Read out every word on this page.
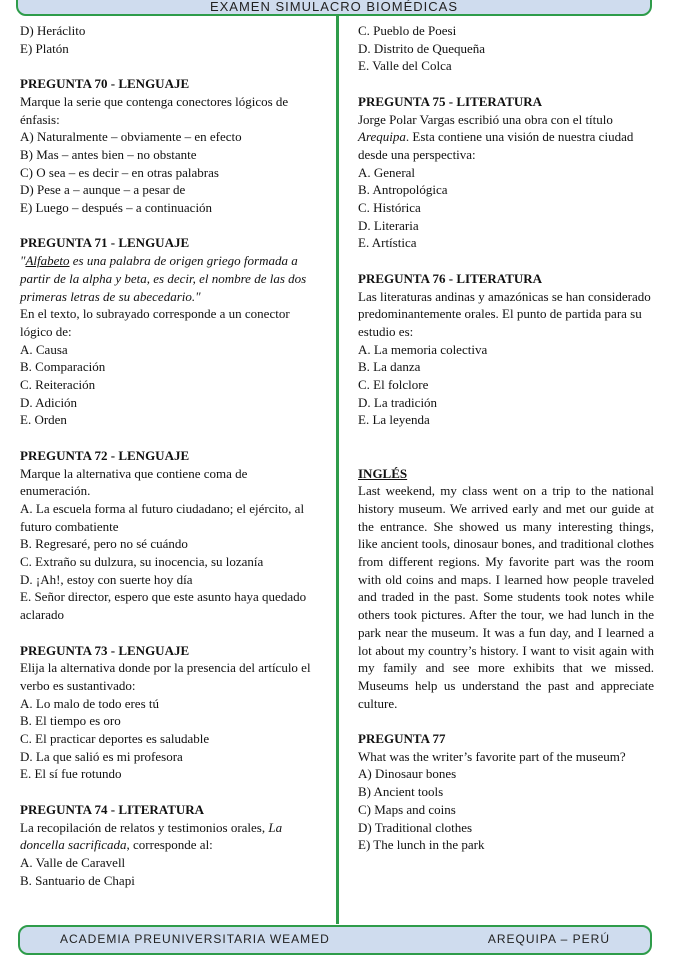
EXAMEN SIMULACRO BIOMÉDICAS

D) Heráclito

E) Platón

PREGUNTA 70 - LENGUAJE

Marque la serie que contenga conectores lógicos de énfasis:

A) Naturalmente – obviamente – en efecto

B) Mas – antes bien – no obstante

C) O sea – es decir – en otras palabras

D) Pese a – aunque – a pesar de

E) Luego – después – a continuación

PREGUNTA 71 - LENGUAJE

"Alfabeto es una palabra de origen griego formada a partir de la alpha y beta, es decir, el nombre de las dos primeras letras de su abecedario."

En el texto, lo subrayado corresponde a un conector lógico de:

A. Causa

B. Comparación

C. Reiteración

D. Adición

E. Orden

PREGUNTA 72 - LENGUAJE

Marque la alternativa que contiene coma de enumeración.

A. La escuela forma al futuro ciudadano; el ejército, al futuro combatiente

B. Regresaré, pero no sé cuándo

C. Extraño su dulzura, su inocencia, su lozanía

D. ¡Ah!, estoy con suerte hoy día

E. Señor director, espero que este asunto haya quedado aclarado

PREGUNTA 73 - LENGUAJE

Elija la alternativa donde por la presencia del artículo el verbo es sustantivado:

A. Lo malo de todo eres tú

B. El tiempo es oro

C. El practicar deportes es saludable

D. La que salió es mi profesora

E. El sí fue rotundo

PREGUNTA 74 - LITERATURA

La recopilación de relatos y testimonios orales, La doncella sacrificada, corresponde al:

A. Valle de Caravell

B. Santuario de Chapi

C. Pueblo de Poesi

D. Distrito de Quequeña

E. Valle del Colca

PREGUNTA 75 - LITERATURA

Jorge Polar Vargas escribió una obra con el título Arequipa. Esta contiene una visión de nuestra ciudad desde una perspectiva:

A. General

B. Antropológica

C. Histórica

D. Literaria

E. Artística

PREGUNTA 76 - LITERATURA

Las literaturas andinas y amazónicas se han considerado predominantemente orales. El punto de partida para su estudio es:

A. La memoria colectiva

B. La danza

C. El folclore

D. La tradición

E. La leyenda

INGLÉS

Last weekend, my class went on a trip to the national history museum. We arrived early and met our guide at the entrance. She showed us many interesting things, like ancient tools, dinosaur bones, and traditional clothes from different regions. My favorite part was the room with old coins and maps. I learned how people traveled and traded in the past. Some students took notes while others took pictures. After the tour, we had lunch in the park near the museum. It was a fun day, and I learned a lot about my country’s history. I want to visit again with my family and see more exhibits that we missed. Museums help us understand the past and appreciate culture.

PREGUNTA 77

What was the writer’s favorite part of the museum?

A) Dinosaur bones

B) Ancient tools

C) Maps and coins

D) Traditional clothes

E) The lunch in the park

ACADEMIA PREUNIVERSITARIA WEAMED	AREQUIPA – PERÚ
